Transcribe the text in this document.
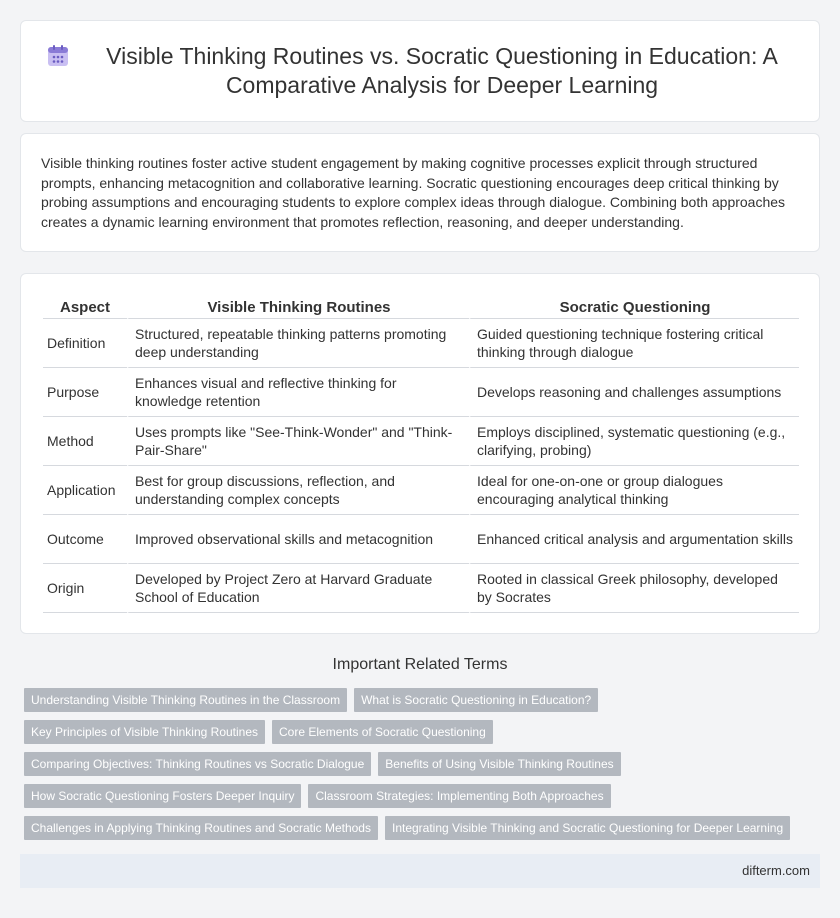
Visible Thinking Routines vs. Socratic Questioning in Education: A Comparative Analysis for Deeper Learning

Visible thinking routines foster active student engagement by making cognitive processes explicit through structured prompts, enhancing metacognition and collaborative learning. Socratic questioning encourages deep critical thinking by probing assumptions and encouraging students to explore complex ideas through dialogue. Combining both approaches creates a dynamic learning environment that promotes reflection, reasoning, and deeper understanding.

Aspect	Visible Thinking Routines	Socratic Questioning
Definition	Structured, repeatable thinking patterns promoting deep understanding	Guided questioning technique fostering critical thinking through dialogue
Purpose	Enhances visual and reflective thinking for knowledge retention	Develops reasoning and challenges assumptions
Method	Uses prompts like "See-Think-Wonder" and "Think-Pair-Share"	Employs disciplined, systematic questioning (e.g., clarifying, probing)
Application	Best for group discussions, reflection, and understanding complex concepts	Ideal for one-on-one or group dialogues encouraging analytical thinking
Outcome	Improved observational skills and metacognition	Enhanced critical analysis and argumentation skills
Origin	Developed by Project Zero at Harvard Graduate School of Education	Rooted in classical Greek philosophy, developed by Socrates
Important Related Terms
Understanding Visible Thinking Routines in the Classroom	What is Socratic Questioning in Education?
Key Principles of Visible Thinking Routines	Core Elements of Socratic Questioning
Comparing Objectives: Thinking Routines vs Socratic Dialogue	Benefits of Using Visible Thinking Routines
How Socratic Questioning Fosters Deeper Inquiry	Classroom Strategies: Implementing Both Approaches
Challenges in Applying Thinking Routines and Socratic Methods	Integrating Visible Thinking and Socratic Questioning for Deeper Learning
difterm.com
